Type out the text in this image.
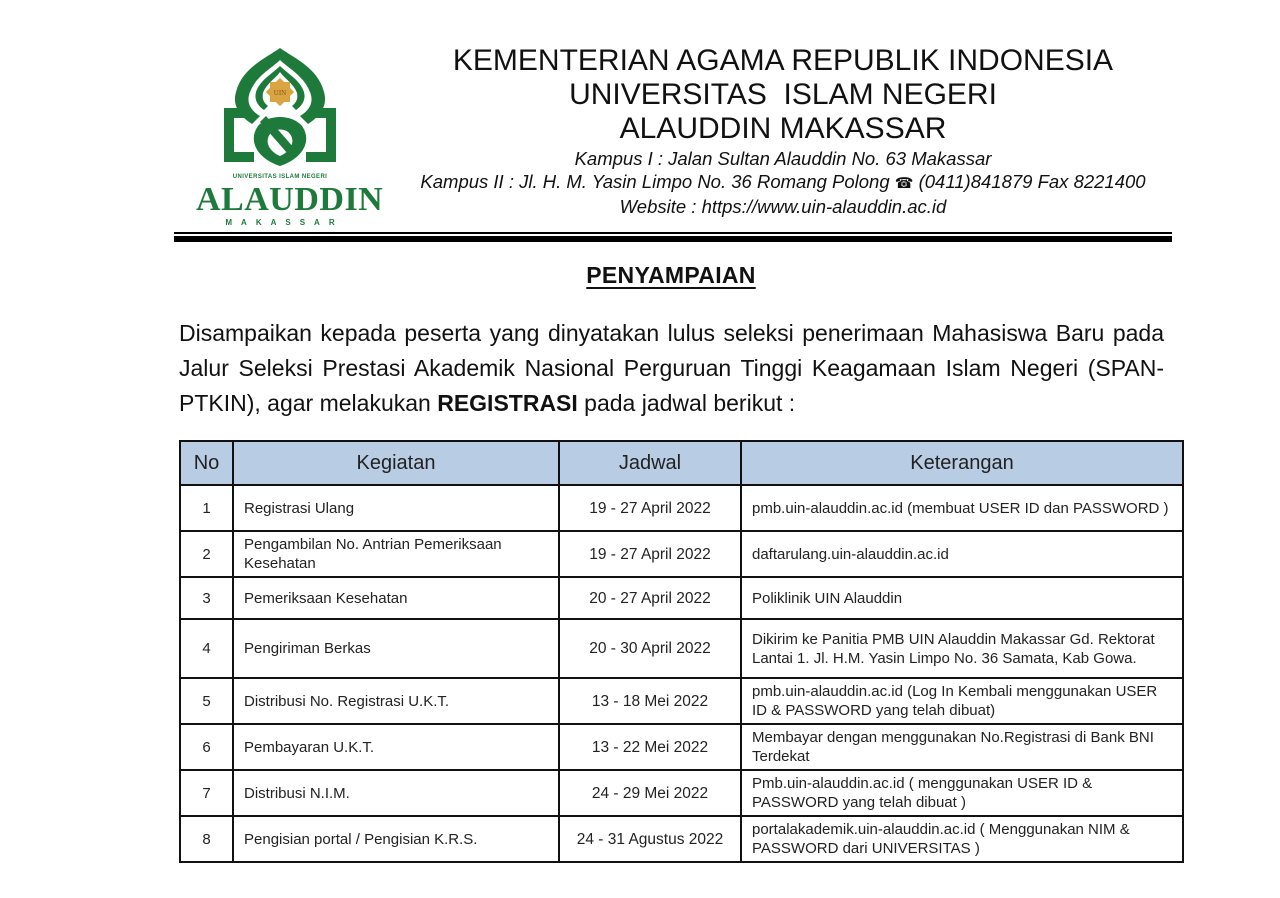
UIN
UNIVERSITAS ISLAM NEGERI
ALAUDDIN
MAKASSAR
KEMENTERIAN AGAMA REPUBLIK INDONESIA
UNIVERSITAS  ISLAM NEGERI
ALAUDDIN MAKASSAR
Kampus I : Jalan Sultan Alauddin No. 63 Makassar
Kampus II : Jl. H. M. Yasin Limpo No. 36 Romang Polong ☎ (0411)841879 Fax 8221400
Website : https://www.uin-alauddin.ac.id
PENYAMPAIAN
Disampaikan kepada peserta yang dinyatakan lulus seleksi penerimaan Mahasiswa Baru pada Jalur Seleksi Prestasi Akademik Nasional Perguruan Tinggi Keagamaan Islam Negeri (SPAN-PTKIN), agar melakukan REGISTRASI pada jadwal berikut :
No	Kegiatan	Jadwal	Keterangan
1	Registrasi Ulang	19 - 27 April 2022	pmb.uin-alauddin.ac.id (membuat USER ID dan PASSWORD )
2	Pengambilan No. Antrian Pemeriksaan Kesehatan	19 - 27 April 2022	daftarulang.uin-alauddin.ac.id
3	Pemeriksaan Kesehatan	20 - 27 April 2022	Poliklinik UIN Alauddin
4	Pengiriman Berkas	20 - 30 April 2022	Dikirim ke Panitia PMB UIN Alauddin Makassar Gd. Rektorat Lantai 1. Jl. H.M. Yasin Limpo No. 36 Samata, Kab Gowa.
5	Distribusi No. Registrasi U.K.T.	13 - 18 Mei 2022	pmb.uin-alauddin.ac.id (Log In Kembali menggunakan USER ID & PASSWORD yang telah dibuat)
6	Pembayaran U.K.T.	13 - 22 Mei 2022	Membayar dengan menggunakan No.Registrasi di Bank BNI Terdekat
7	Distribusi N.I.M.	24 - 29 Mei 2022	Pmb.uin-alauddin.ac.id ( menggunakan USER ID & PASSWORD yang telah dibuat )
8	Pengisian portal / Pengisian K.R.S.	24 - 31 Agustus 2022	portalakademik.uin-alauddin.ac.id ( Menggunakan NIM & PASSWORD dari UNIVERSITAS )
